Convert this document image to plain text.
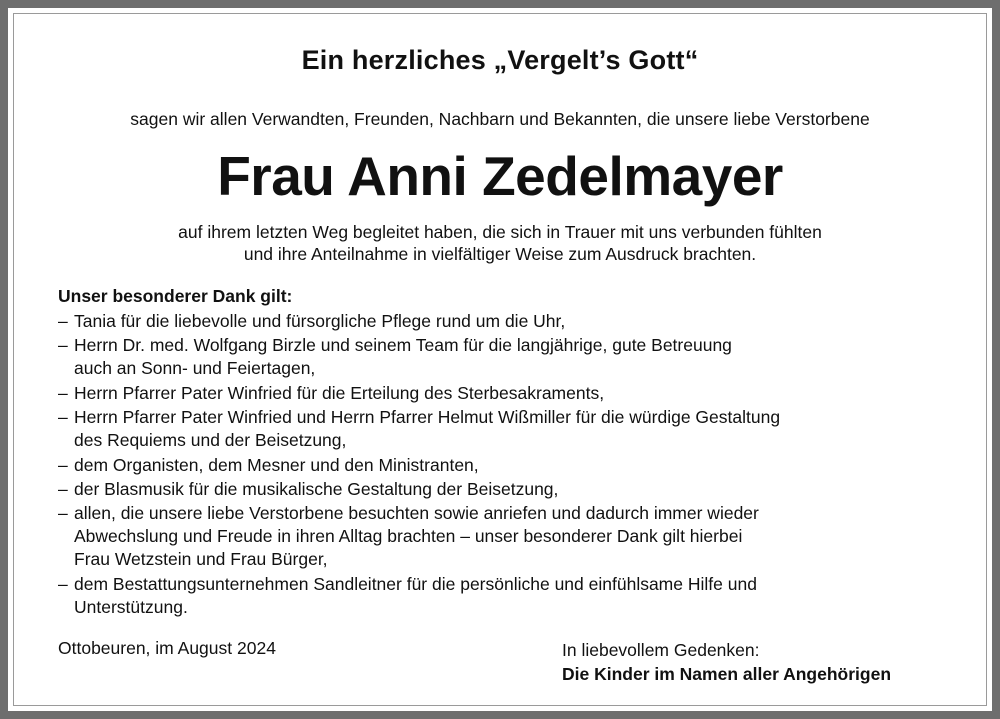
Ein herzliches „Vergelt’s Gott“
sagen wir allen Verwandten, Freunden, Nachbarn und Bekannten, die unsere liebe Verstorbene
Frau Anni Zedelmayer
auf ihrem letzten Weg begleitet haben, die sich in Trauer mit uns verbunden fühlten
und ihre Anteilnahme in vielfältiger Weise zum Ausdruck brachten.
Unser besonderer Dank gilt:
– Tania für die liebevolle und fürsorgliche Pflege rund um die Uhr,
– Herrn Dr. med. Wolfgang Birzle und seinem Team für die langjährige, gute Betreuung
auch an Sonn- und Feiertagen,
– Herrn Pfarrer Pater Winfried für die Erteilung des Sterbesakraments,
– Herrn Pfarrer Pater Winfried und Herrn Pfarrer Helmut Wißmiller für die würdige Gestaltung
des Requiems und der Beisetzung,
– dem Organisten, dem Mesner und den Ministranten,
– der Blasmusik für die musikalische Gestaltung der Beisetzung,
– allen, die unsere liebe Verstorbene besuchten sowie anriefen und dadurch immer wieder
Abwechslung und Freude in ihren Alltag brachten – unser besonderer Dank gilt hierbei
Frau Wetzstein und Frau Bürger,
– dem Bestattungsunternehmen Sandleitner für die persönliche und einfühlsame Hilfe und
Unterstützung.
Ottobeuren, im August 2024	In liebevollem Gedenken:
Die Kinder im Namen aller Angehörigen
